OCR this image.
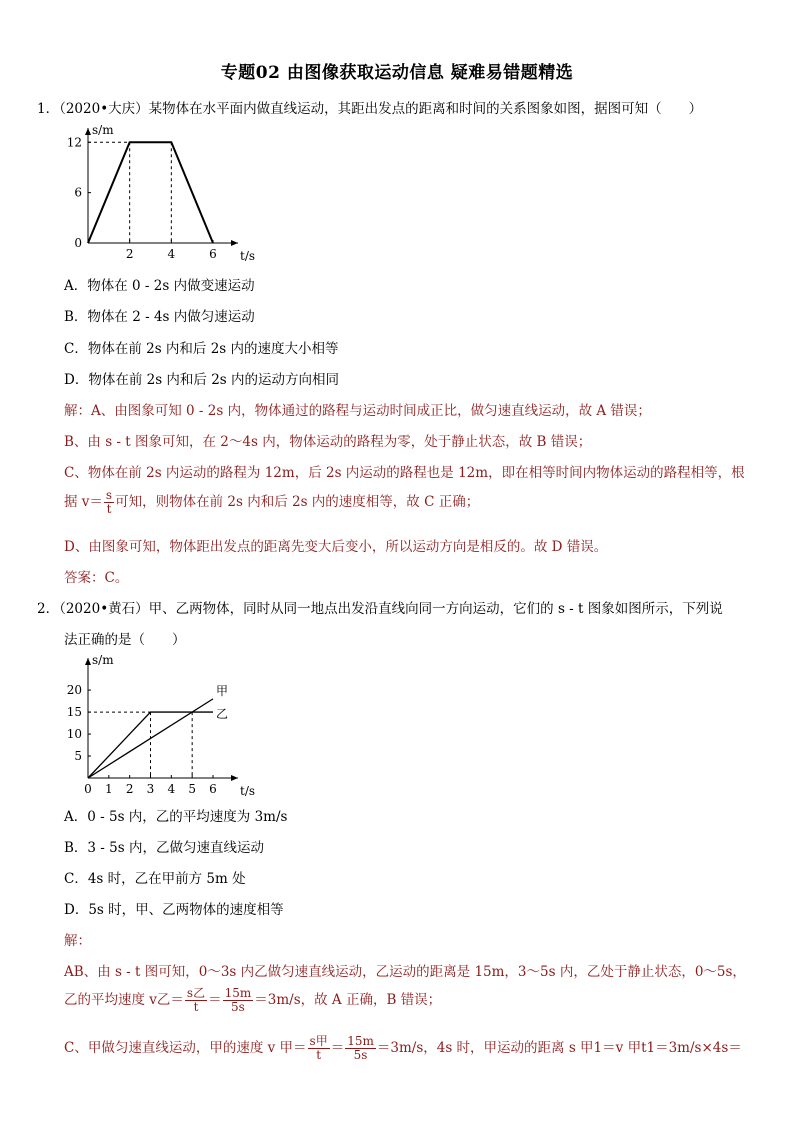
专题02 由图像获取运动信息 疑难易错题精选
1．（2020•大庆）某物体在水平面内做直线运动，其距出发点的距离和时间的关系图象如图，据图可知（　　）
2	4	6
0
6
12
t/s
s/m
A．物体在 0 - 2s 内做变速运动
B．物体在 2 - 4s 内做匀速运动
C．物体在前 2s 内和后 2s 内的速度大小相等
D．物体在前 2s 内和后 2s 内的运动方向相同
解：A、由图象可知 0 - 2s 内，物体通过的路程与运动时间成正比，做匀速直线运动，故 A 错误；
B、由 s - t 图象可知，在 2～4s 内，物体运动的路程为零，处于静止状态，故 B 错误；
C、物体在前 2s 内运动的路程为 12m，后 2s 内运动的路程也是 12m，即在相等时间内物体运动的路程相等，根
据 $v= \frac{s}{t}$ 可知，则物体在前 2s 内和后 2s 内的速度相等，故 C 正确；
D、由图象可知，物体距出发点的距离先变大后变小，所以运动方向是相反的。故 D 错误。
答案：C。
2．（2020•黄石）甲、乙两物体，同时从同一地点出发沿直线向同一方向运动，它们的 s - t 图象如图所示，下列说
法正确的是（　　）
0 1 2 3 4 5 6
5
10
15
20
t/s
s/m
甲
乙
A．0 - 5s 内，乙的平均速度为 3m/s
B．3 - 5s 内，乙做匀速直线运动
C．4s 时，乙在甲前方 5m 处
D．5s 时，甲、乙两物体的速度相等
解：
AB、由 s - t 图可知，0～3s 内乙做匀速直线运动，乙运动的距离是 15m，3～5s 内，乙处于静止状态，0～5s，
乙的平均速度 v乙＝ $\frac{\text{s乙}}{t} = \frac{15m}{5s} =3m/s$，故 A 正确，B 错误；
C、甲做匀速直线运动，甲的速度 v 甲＝ $\frac{\text{s甲}}{t} = \frac{15m}{5s} =3m/s$，4s 时，甲运动的距离 s 甲1＝v 甲t1＝3m/s×4s＝
